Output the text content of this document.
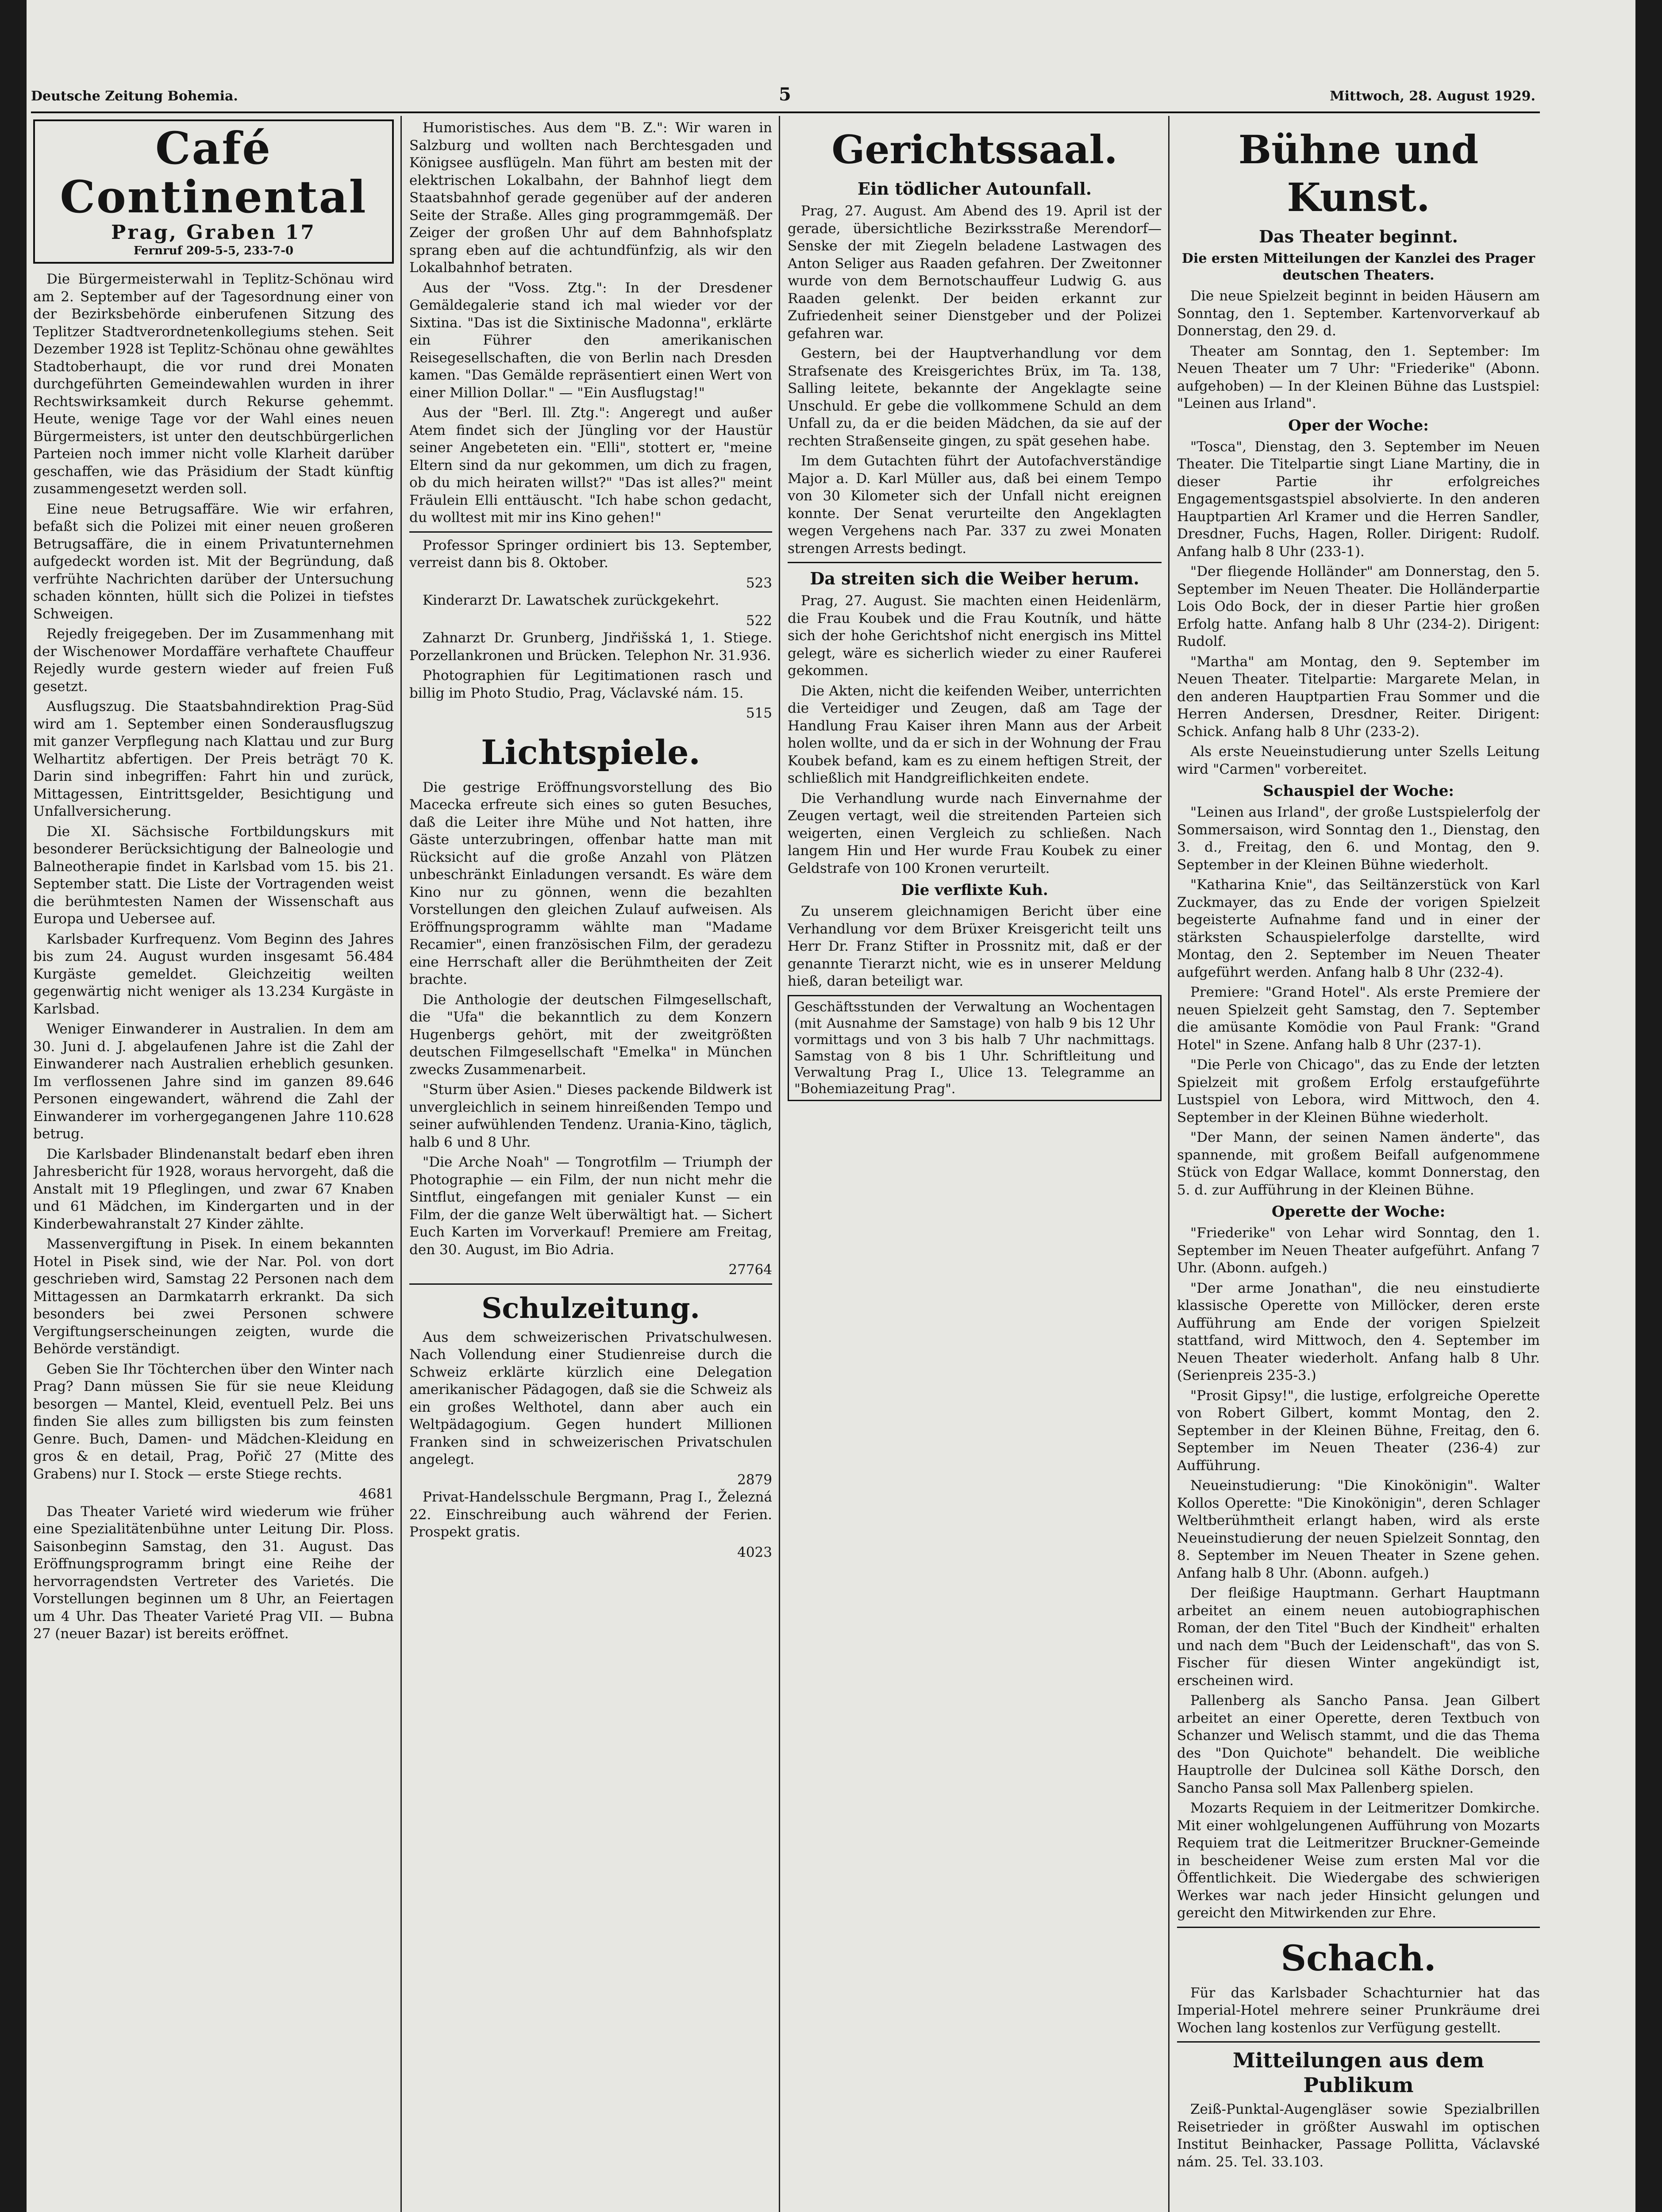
Deutsche Zeitung Bohemia.	5	Mittwoch, 28. August 1929.
Café Continental
Prag, Graben 17
Fernruf 209-5-5, 233-7-0

Die Bürgermeisterwahl in Teplitz-Schönau wird am 2. September auf der Tagesordnung einer von der Bezirksbehörde einberufenen Sitzung des Teplitzer Stadtverordnetenkollegiums stehen. Seit Dezember 1928 ist Teplitz-Schönau ohne gewähltes Stadtoberhaupt, die vor rund drei Monaten durchgeführten Gemeindewahlen wurden in ihrer Rechtswirksamkeit durch Rekurse gehemmt. Heute, wenige Tage vor der Wahl eines neuen Bürgermeisters, ist unter den deutschbürgerlichen Parteien noch immer nicht volle Klarheit darüber geschaffen, wie das Präsidium der Stadt künftig zusammengesetzt werden soll.

Eine neue Betrugsaffäre. Wie wir erfahren, befaßt sich die Polizei mit einer neuen großeren Betrugsaffäre, die in einem Privatunternehmen aufgedeckt worden ist. Mit der Begründung, daß verfrühte Nachrichten darüber der Untersuchung schaden könnten, hüllt sich die Polizei in tiefstes Schweigen.

Rejedly freigegeben. Der im Zusammenhang mit der Wischenower Mordaffäre verhaftete Chauffeur Rejedly wurde gestern wieder auf freien Fuß gesetzt.

Ausflugszug. Die Staatsbahndirektion Prag-Süd wird am 1. September einen Sonderausflugszug mit ganzer Verpflegung nach Klattau und zur Burg Welhartitz abfertigen. Der Preis beträgt 70 K. Darin sind inbegriffen: Fahrt hin und zurück, Mittagessen, Eintrittsgelder, Besichtigung und Unfallversicherung.

Die XI. Sächsische Fortbildungskurs mit besonderer Berücksichtigung der Balneologie und Balneotherapie findet in Karlsbad vom 15. bis 21. September statt. Die Liste der Vortragenden weist die berühmtesten Namen der Wissenschaft aus Europa und Uebersee auf.

Karlsbader Kurfrequenz. Vom Beginn des Jahres bis zum 24. August wurden insgesamt 56.484 Kurgäste gemeldet. Gleichzeitig weilten gegenwärtig nicht weniger als 13.234 Kurgäste in Karlsbad.

Weniger Einwanderer in Australien. In dem am 30. Juni d. J. abgelaufenen Jahre ist die Zahl der Einwanderer nach Australien erheblich gesunken. Im verflossenen Jahre sind im ganzen 89.646 Personen eingewandert, während die Zahl der Einwanderer im vorhergegangenen Jahre 110.628 betrug.

Die Karlsbader Blindenanstalt bedarf eben ihren Jahresbericht für 1928, woraus hervorgeht, daß die Anstalt mit 19 Pfleglingen, und zwar 67 Knaben und 61 Mädchen, im Kindergarten und in der Kinderbewahranstalt 27 Kinder zählte.

Massenvergiftung in Pisek. In einem bekannten Hotel in Pisek sind, wie der Nar. Pol. von dort geschrieben wird, Samstag 22 Personen nach dem Mittagessen an Darmkatarrh erkrankt. Da sich besonders bei zwei Personen schwere Vergiftungserscheinungen zeigten, wurde die Behörde verständigt.

Geben Sie Ihr Töchterchen über den Winter nach Prag? Dann müssen Sie für sie neue Kleidung besorgen — Mantel, Kleid, eventuell Pelz. Bei uns finden Sie alles zum billigsten bis zum feinsten Genre. Buch, Damen- und Mädchen-Kleidung en gros & en detail, Prag, Pořič 27 (Mitte des Grabens) nur I. Stock — erste Stiege rechts.

4681

Das Theater Varieté wird wiederum wie früher eine Spezialitätenbühne unter Leitung Dir. Ploss. Saisonbeginn Samstag, den 31. August. Das Eröffnungsprogramm bringt eine Reihe der hervorragendsten Vertreter des Varietés. Die Vorstellungen beginnen um 8 Uhr, an Feiertagen um 4 Uhr. Das Theater Varieté Prag VII. — Bubna 27 (neuer Bazar) ist bereits eröffnet.

Humoristisches. Aus dem "B. Z.": Wir waren in Salzburg und wollten nach Berchtesgaden und Königsee ausflügeln. Man führt am besten mit der elektrischen Lokalbahn, der Bahnhof liegt dem Staatsbahnhof gerade gegenüber auf der anderen Seite der Straße. Alles ging programmgemäß. Der Zeiger der großen Uhr auf dem Bahnhofsplatz sprang eben auf die achtundfünfzig, als wir den Lokalbahnhof betraten.

Aus der "Voss. Ztg.": In der Dresdener Gemäldegalerie stand ich mal wieder vor der Sixtina. "Das ist die Sixtinische Madonna", erklärte ein Führer den amerikanischen Reisegesellschaften, die von Berlin nach Dresden kamen. "Das Gemälde repräsentiert einen Wert von einer Million Dollar." — "Ein Ausflugstag!"

Aus der "Berl. Ill. Ztg.": Angeregt und außer Atem findet sich der Jüngling vor der Haustür seiner Angebeteten ein. "Elli", stottert er, "meine Eltern sind da nur gekommen, um dich zu fragen, ob du mich heiraten willst?" "Das ist alles?" meint Fräulein Elli enttäuscht. "Ich habe schon gedacht, du wolltest mit mir ins Kino gehen!"

Professor Springer ordiniert bis 13. September, verreist dann bis 8. Oktober.

523

Kinderarzt Dr. Lawatschek zurückgekehrt.

522

Zahnarzt Dr. Grunberg, Jindřišská 1, 1. Stiege. Porzellankronen und Brücken. Telephon Nr. 31.936.

Photographien für Legitimationen rasch und billig im Photo Studio, Prag, Václavské nám. 15.

515
Lichtspiele.

Die gestrige Eröffnungsvorstellung des Bio Macecka erfreute sich eines so guten Besuches, daß die Leiter ihre Mühe und Not hatten, ihre Gäste unterzubringen, offenbar hatte man mit Rücksicht auf die große Anzahl von Plätzen unbeschränkt Einladungen versandt. Es wäre dem Kino nur zu gönnen, wenn die bezahlten Vorstellungen den gleichen Zulauf aufweisen. Als Eröffnungsprogramm wählte man "Madame Recamier", einen französischen Film, der geradezu eine Herrschaft aller die Berühmtheiten der Zeit brachte.

Die Anthologie der deutschen Filmgesellschaft, die "Ufa" die bekanntlich zu dem Konzern Hugenbergs gehört, mit der zweitgrößten deutschen Filmgesellschaft "Emelka" in München zwecks Zusammenarbeit.

"Sturm über Asien." Dieses packende Bildwerk ist unvergleichlich in seinem hinreißenden Tempo und seiner aufwühlenden Tendenz. Urania-Kino, täglich, halb 6 und 8 Uhr.

"Die Arche Noah" — Tongrotfilm — Triumph der Photographie — ein Film, der nun nicht mehr die Sintflut, eingefangen mit genialer Kunst — ein Film, der die ganze Welt überwältigt hat. — Sichert Euch Karten im Vorverkauf! Premiere am Freitag, den 30. August, im Bio Adria.

27764
Schulzeitung.

Aus dem schweizerischen Privatschulwesen. Nach Vollendung einer Studienreise durch die Schweiz erklärte kürzlich eine Delegation amerikanischer Pädagogen, daß sie die Schweiz als ein großes Welthotel, dann aber auch ein Weltpädagogium. Gegen hundert Millionen Franken sind in schweizerischen Privatschulen angelegt.

2879

Privat-Handelsschule Bergmann, Prag I., Železná 22. Einschreibung auch während der Ferien. Prospekt gratis.

4023
Gerichtssaal.
Ein tödlicher Autounfall.

Prag, 27. August. Am Abend des 19. April ist der gerade, übersichtliche Bezirksstraße Merendorf—Senske der mit Ziegeln beladene Lastwagen des Anton Seliger aus Raaden gefahren. Der Zweitonner wurde von dem Bernotschauffeur Ludwig G. aus Raaden gelenkt. Der beiden erkannt zur Zufriedenheit seiner Dienstgeber und der Polizei gefahren war.

Gestern, bei der Hauptverhandlung vor dem Strafsenate des Kreisgerichtes Brüx, im Ta. 138, Salling leitete, bekannte der Angeklagte seine Unschuld. Er gebe die vollkommene Schuld an dem Unfall zu, da er die beiden Mädchen, da sie auf der rechten Straßenseite gingen, zu spät gesehen habe.

Im dem Gutachten führt der Autofachverständige Major a. D. Karl Müller aus, daß bei einem Tempo von 30 Kilometer sich der Unfall nicht ereignen konnte. Der Senat verurteilte den Angeklagten wegen Vergehens nach Par. 337 zu zwei Monaten strengen Arrests bedingt.

Da streiten sich die Weiber herum.

Prag, 27. August. Sie machten einen Heidenlärm, die Frau Koubek und die Frau Koutník, und hätte sich der hohe Gerichtshof nicht energisch ins Mittel gelegt, wäre es sicherlich wieder zu einer Rauferei gekommen.

Die Akten, nicht die keifenden Weiber, unterrichten die Verteidiger und Zeugen, daß am Tage der Handlung Frau Kaiser ihren Mann aus der Arbeit holen wollte, und da er sich in der Wohnung der Frau Koubek befand, kam es zu einem heftigen Streit, der schließlich mit Handgreiflichkeiten endete.

Die Verhandlung wurde nach Einvernahme der Zeugen vertagt, weil die streitenden Parteien sich weigerten, einen Vergleich zu schließen. Nach langem Hin und Her wurde Frau Koubek zu einer Geldstrafe von 100 Kronen verurteilt.

Die verflixte Kuh.

Zu unserem gleichnamigen Bericht über eine Verhandlung vor dem Brüxer Kreisgericht teilt uns Herr Dr. Franz Stifter in Prossnitz mit, daß er der genannte Tierarzt nicht, wie es in unserer Meldung hieß, daran beteiligt war.

Geschäftsstunden der Verwaltung an Wochentagen (mit Ausnahme der Samstage) von halb 9 bis 12 Uhr vormittags und von 3 bis halb 7 Uhr nachmittags. Samstag von 8 bis 1 Uhr. Schriftleitung und Verwaltung Prag I., Ulice 13. Telegramme an "Bohemiazeitung Prag".
Bühne und Kunst.
Das Theater beginnt.
Die ersten Mitteilungen der Kanzlei des Prager deutschen Theaters.

Die neue Spielzeit beginnt in beiden Häusern am Sonntag, den 1. September. Kartenvorverkauf ab Donnerstag, den 29. d.

Theater am Sonntag, den 1. September: Im Neuen Theater um 7 Uhr: "Friederike" (Abonn. aufgehoben) — In der Kleinen Bühne das Lustspiel: "Leinen aus Irland".

Oper der Woche:

"Tosca", Dienstag, den 3. September im Neuen Theater. Die Titelpartie singt Liane Martiny, die in dieser Partie ihr erfolgreiches Engagementsgastspiel absolvierte. In den anderen Hauptpartien Arl Kramer und die Herren Sandler, Dresdner, Fuchs, Hagen, Roller. Dirigent: Rudolf. Anfang halb 8 Uhr (233-1).

"Der fliegende Holländer" am Donnerstag, den 5. September im Neuen Theater. Die Holländerpartie Lois Odo Bock, der in dieser Partie hier großen Erfolg hatte. Anfang halb 8 Uhr (234-2). Dirigent: Rudolf.

"Martha" am Montag, den 9. September im Neuen Theater. Titelpartie: Margarete Melan, in den anderen Hauptpartien Frau Sommer und die Herren Andersen, Dresdner, Reiter. Dirigent: Schick. Anfang halb 8 Uhr (233-2).

Als erste Neueinstudierung unter Szells Leitung wird "Carmen" vorbereitet.

Schauspiel der Woche:

"Leinen aus Irland", der große Lustspielerfolg der Sommersaison, wird Sonntag den 1., Dienstag, den 3. d., Freitag, den 6. und Montag, den 9. September in der Kleinen Bühne wiederholt.

"Katharina Knie", das Seiltänzerstück von Karl Zuckmayer, das zu Ende der vorigen Spielzeit begeisterte Aufnahme fand und in einer der stärksten Schauspielerfolge darstellte, wird Montag, den 2. September im Neuen Theater aufgeführt werden. Anfang halb 8 Uhr (232-4).

Premiere: "Grand Hotel". Als erste Premiere der neuen Spielzeit geht Samstag, den 7. September die amüsante Komödie von Paul Frank: "Grand Hotel" in Szene. Anfang halb 8 Uhr (237-1).

"Die Perle von Chicago", das zu Ende der letzten Spielzeit mit großem Erfolg erstaufgeführte Lustspiel von Lebora, wird Mittwoch, den 4. September in der Kleinen Bühne wiederholt.

"Der Mann, der seinen Namen änderte", das spannende, mit großem Beifall aufgenommene Stück von Edgar Wallace, kommt Donnerstag, den 5. d. zur Aufführung in der Kleinen Bühne.

Operette der Woche:

"Friederike" von Lehar wird Sonntag, den 1. September im Neuen Theater aufgeführt. Anfang 7 Uhr. (Abonn. aufgeh.)

"Der arme Jonathan", die neu einstudierte klassische Operette von Millöcker, deren erste Aufführung am Ende der vorigen Spielzeit stattfand, wird Mittwoch, den 4. September im Neuen Theater wiederholt. Anfang halb 8 Uhr. (Serienpreis 235-3.)

"Prosit Gipsy!", die lustige, erfolgreiche Operette von Robert Gilbert, kommt Montag, den 2. September in der Kleinen Bühne, Freitag, den 6. September im Neuen Theater (236-4) zur Aufführung.

Neueinstudierung: "Die Kinokönigin". Walter Kollos Operette: "Die Kinokönigin", deren Schlager Weltberühmtheit erlangt haben, wird als erste Neueinstudierung der neuen Spielzeit Sonntag, den 8. September im Neuen Theater in Szene gehen. Anfang halb 8 Uhr. (Abonn. aufgeh.)

Der fleißige Hauptmann. Gerhart Hauptmann arbeitet an einem neuen autobiographischen Roman, der den Titel "Buch der Kindheit" erhalten und nach dem "Buch der Leidenschaft", das von S. Fischer für diesen Winter angekündigt ist, erscheinen wird.

Pallenberg als Sancho Pansa. Jean Gilbert arbeitet an einer Operette, deren Textbuch von Schanzer und Welisch stammt, und die das Thema des "Don Quichote" behandelt. Die weibliche Hauptrolle der Dulcinea soll Käthe Dorsch, den Sancho Pansa soll Max Pallenberg spielen.

Mozarts Requiem in der Leitmeritzer Domkirche. Mit einer wohlgelungenen Aufführung von Mozarts Requiem trat die Leitmeritzer Bruckner-Gemeinde in bescheidener Weise zum ersten Mal vor die Öffentlichkeit. Die Wiedergabe des schwierigen Werkes war nach jeder Hinsicht gelungen und gereicht den Mitwirkenden zur Ehre.

Schach.

Für das Karlsbader Schachturnier hat das Imperial-Hotel mehrere seiner Prunkräume drei Wochen lang kostenlos zur Verfügung gestellt.

Mitteilungen aus dem Publikum

Zeiß-Punktal-Augengläser sowie Spezialbrillen Reisetrieder in größter Auswahl im optischen Institut Beinhacker, Passage Pollitta, Václavské nám. 25. Tel. 33.103.
